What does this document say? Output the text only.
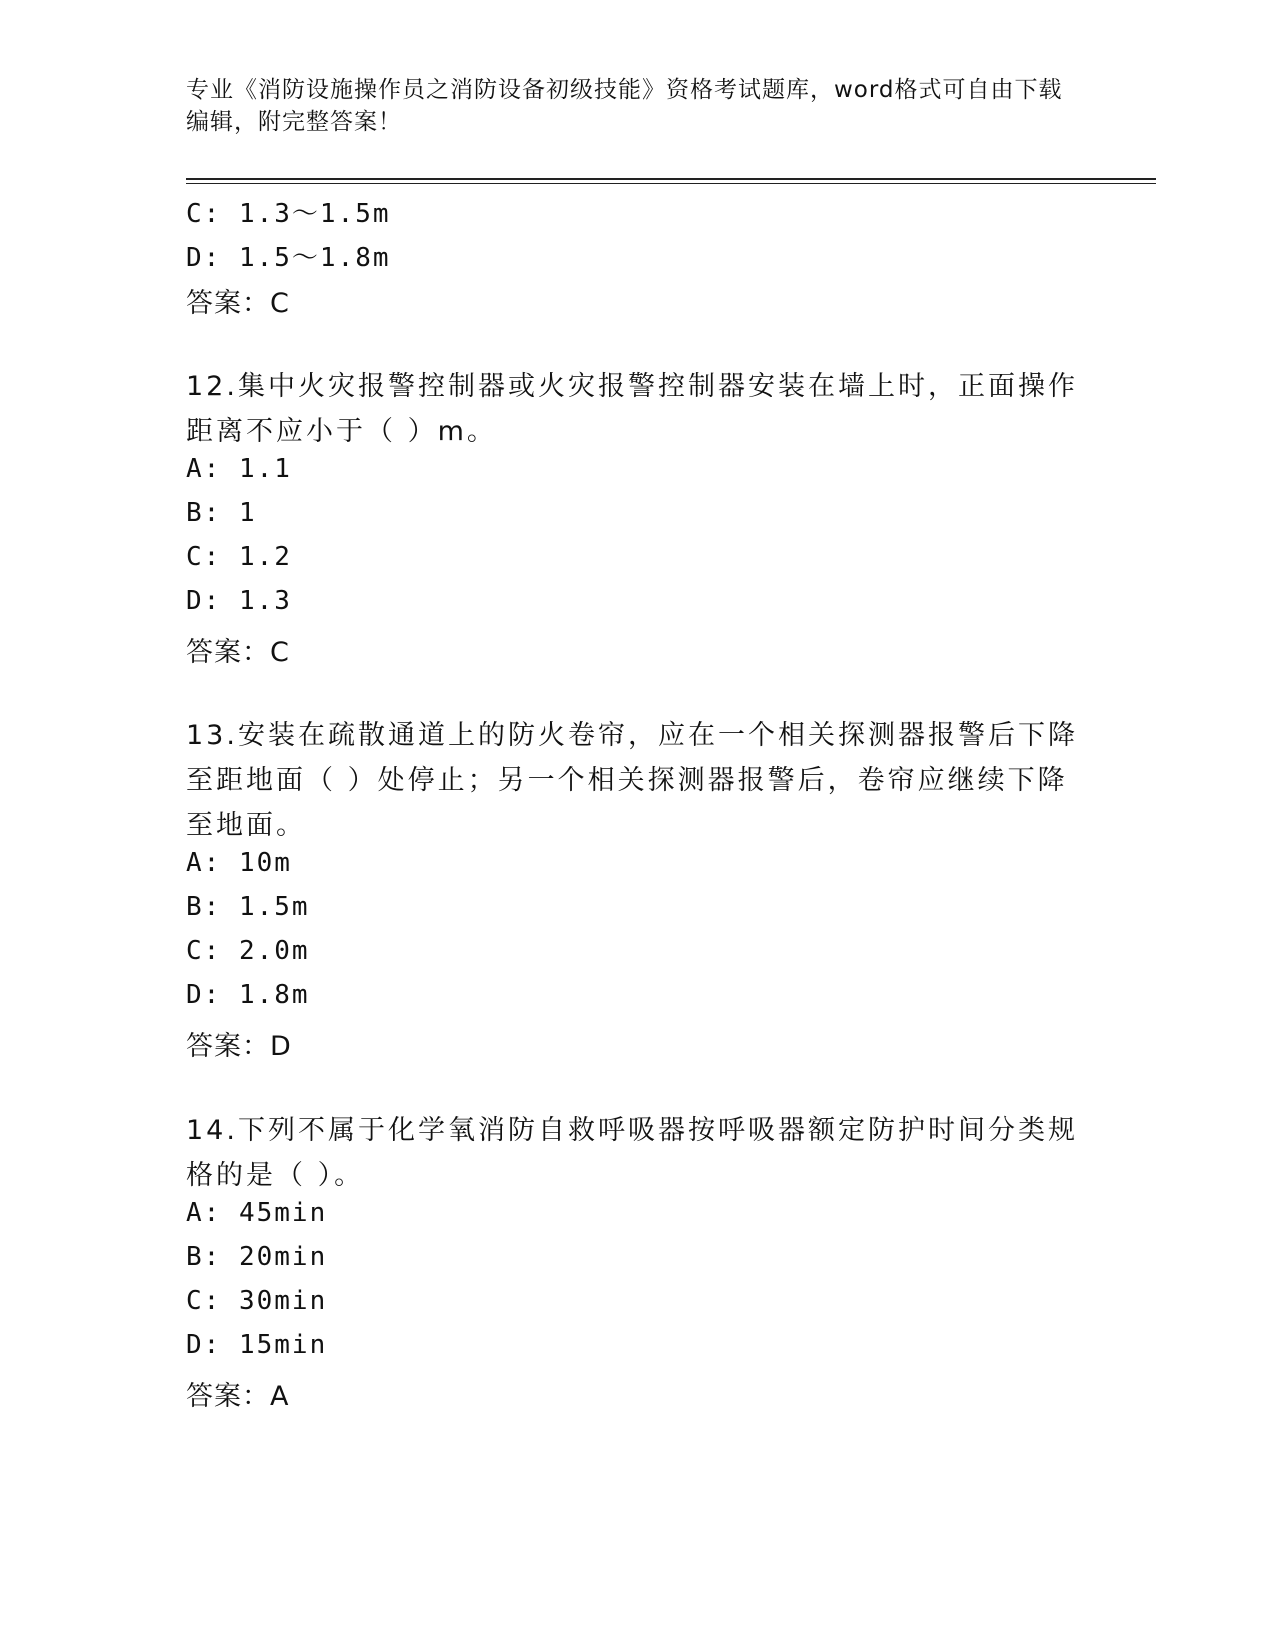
专业《消防设施操作员之消防设备初级技能》资格考试题库，word格式可自由下载编辑，附完整答案！
C: 1.3～1.5m
D: 1.5～1.8m
答案：C
12.集中火灾报警控制器或火灾报警控制器安装在墙上时，正面操作距离不应小于（ ）m。
A: 1.1
B: 1
C: 1.2
D: 1.3
答案：C
13.安装在疏散通道上的防火卷帘，应在一个相关探测器报警后下降至距地面（ ）处停止；另一个相关探测器报警后，卷帘应继续下降至地面。
A: 10m
B: 1.5m
C: 2.0m
D: 1.8m
答案：D
14.下列不属于化学氧消防自救呼吸器按呼吸器额定防护时间分类规格的是（ ）。
A: 45min
B: 20min
C: 30min
D: 15min
答案：A
